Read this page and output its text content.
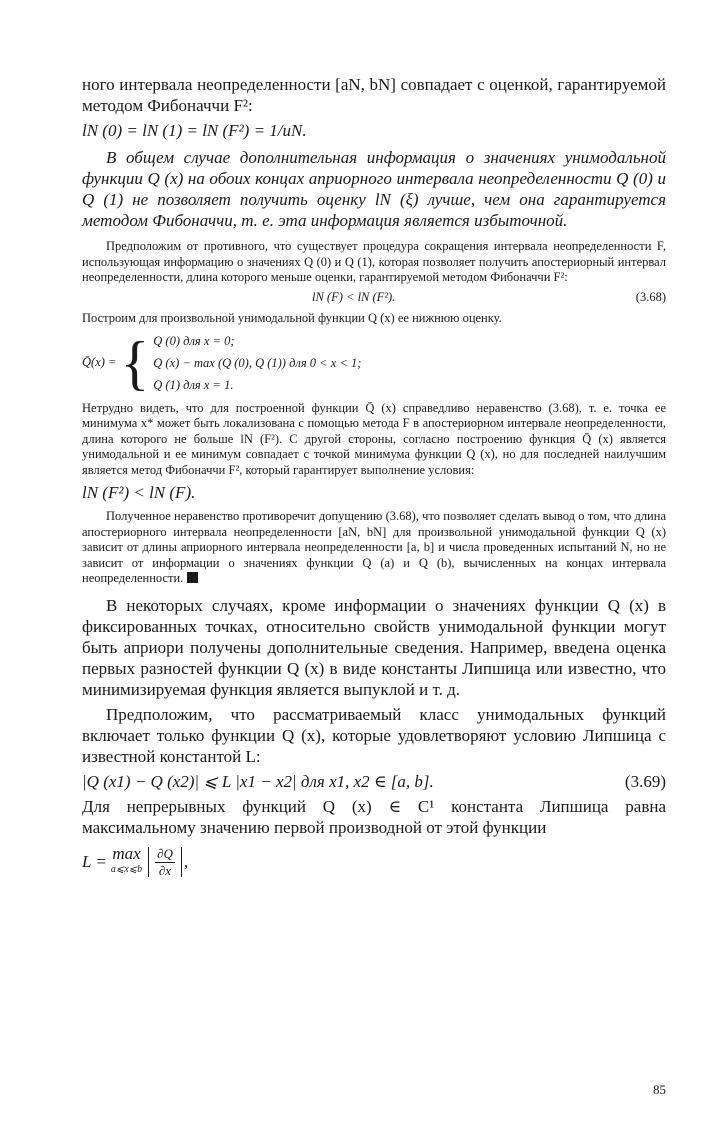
ного интервала неопределенности [aN, bN] совпадает с оценкой, гарантируемой методом Фибоначчи F²:

lN (0) = lN (1) = lN (F²) = 1/uN.

В общем случае дополнительная информация о значениях унимодальной функции Q (x) на обоих концах априорного интервала неопределенности Q (0) и Q (1) не позволяет получить оценку lN (ξ) лучше, чем она гарантируется методом Фибоначчи, т. е. эта информация является избыточной.

Предположим от противного, что существует процедура сокращения интервала неопределенности F, использующая информацию о значениях Q (0) и Q (1), которая позволяет получить апостериорный интервал неопределенности, длина которого меньше оценки, гарантируемой методом Фибоначчи F²:

lN (F) < lN (F²).	(3.68)

Построим для произвольной унимодальной функции Q (x) ее нижнюю оценку.

Q̄(x) = { Q (0) для x = 0;
Q (x) − max (Q (0), Q (1)) для 0 < x < 1;
Q (1) для x = 1.

Нетрудно видеть, что для построенной функции Q̄ (x) справедливо неравенство (3.68), т. е. точка ее минимума x* может быть локализована с помощью метода F в апостериорном интервале неопределенности, длина которого не больше lN (F²). С другой стороны, согласно построению функция Q̄ (x) является унимодальной и ее минимум совпадает с точкой минимума функции Q (x), но для последней наилучшим является метод Фибоначчи F², который гарантирует выполнение условия:

lN (F²) < lN (F).

Полученное неравенство противоречит допущению (3.68), что позволяет сделать вывод о том, что длина апостериорного интервала неопределенности [aN, bN] для произвольной унимодальной функции Q (x) зависит от длины априорного интервала неопределенности [a, b] и числа проведенных испытаний N, но не зависит от информации о значениях функции Q (a) и Q (b), вычисленных на концах интервала неопределенности.

В некоторых случаях, кроме информации о значениях функции Q (x) в фиксированных точках, относительно свойств унимодальной функции могут быть априори получены дополнительные сведения. Например, введена оценка первых разностей функции Q (x) в виде константы Липшица или известно, что минимизируемая функция является выпуклой и т. д.

Предположим, что рассматриваемый класс унимодальных функций включает только функции Q (x), которые удовлетворяют условию Липшица с известной константой L:

|Q (x1) − Q (x2)| ⩽ L |x1 − x2| для x1, x2 ∈ [a, b].	(3.69)

Для непрерывных функций Q (x) ∈ C¹ константа Липшица равна максимальному значению первой производной от этой функции

L = max
a⩽x⩽b $\frac{\partial Q}{\partial x}$ ,
85
